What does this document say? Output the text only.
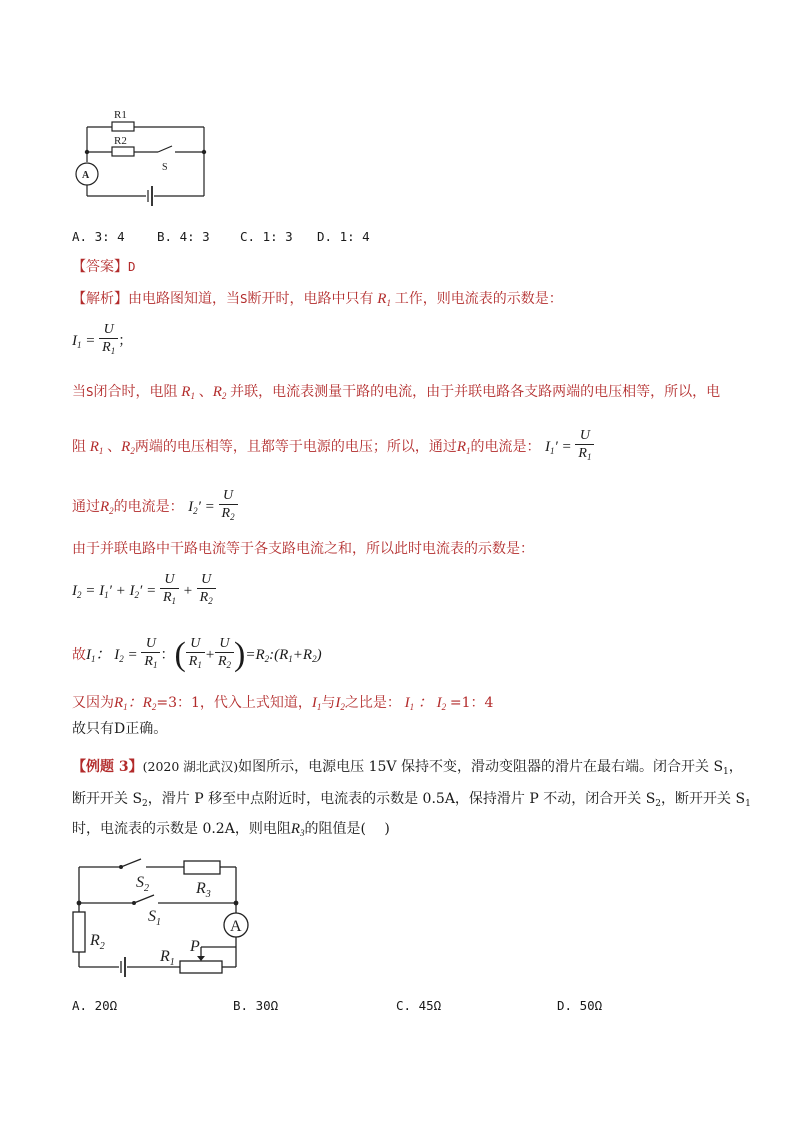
R1
R2
S
A
A. 3: 4	B. 4: 3 C. 1: 3 D. 1: 4
【答案】D
【解析】由电路图知道，当S断开时，电路中只有 $R_1$ 工作，则电流表的示数是：
$I_1 = \frac{U}{R_1}$ ；
当S闭合时，电阻 $R_1$ 、$R_2$ 并联，电流表测量干路的电流，由于并联电路各支路两端的电压相等，所以，电
阻 $R_1$ 、$R_2$两端的电压相等，且都等于电源的电压；所以，通过$R_1$的电流是： $I_1' = \frac{U}{R_1}$
通过$R_2$的电流是： $I_2' = \frac{U}{R_2}$
由于并联电路中干路电流等于各支路电流之和，所以此时电流表的示数是：
$I_2 = I_1' + I_2' = \frac{U}{R_1} + \frac{U}{R_2}$
故$I_1$： $I_2 = \frac{U}{R_1}$ ：( $\frac{U}{R_1} + \frac{U}{R_2}$ )$=R_2:(R_1+R_2)$
又因为$R_1$：$R_2=3$：1，代入上式知道，$I_1$与$I_2$之比是： $I_1$ ： $I_2 =1$：4
故只有D正确。
【例题 3】(2020 湖北武汉)如图所示，电源电压 15V 保持不变，滑动变阻器的滑片在最右端。闭合开关 $S_1$，
断开开关 $S_2$，滑片 P 移至中点附近时，电流表的示数是 0.5A，保持滑片 P 不动，闭合开关 $S_2$，断开开关 $S_1$
时，电流表的示数是 0.2A，则电阻$R_3$的阻值是(　 )
$S_2$	$R_3$
$S_1$
$R_2$
$R_1$
P
A
A. 20Ω	B. 30Ω	C. 45Ω	D. 50Ω
